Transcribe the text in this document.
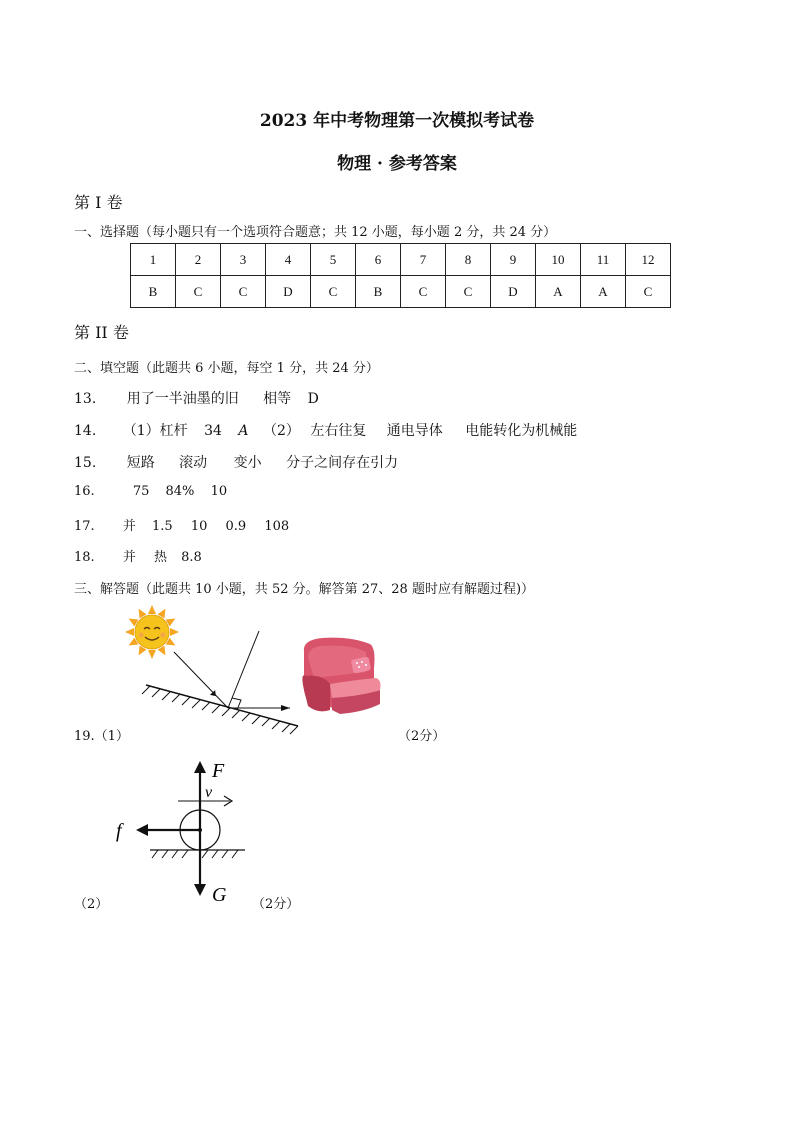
2023 年中考物理第一次模拟考试卷
物理 · 参考答案
第 I 卷
一、选择题（每小题只有一个选项符合题意；共 12 小题，每小题 2 分，共 24 分）
1	2	3	4	5	6	7	8	9	10	11	12
B	C	C	D	C	B	C	C	D	A	A	C
第 II 卷
二、填空题（此题共 6 小题，每空 1 分，共 24 分）
13. 用了一半油墨的旧 相等 D
14. （1）杠杆 34 A （2） 左右往复 通电导体 电能转化为机械能
15. 短路 滚动 变小 分子之间存在引力
16.	75 84% 10
17. 并 1.5 10 0.9 108
18. 并 热 8.8
三、解答题（此题共 10 小题，共 52 分。解答第 27、28 题时应有解题过程)）
19.（1）	（2分）
F
v
f
G
（2）	（2分）
